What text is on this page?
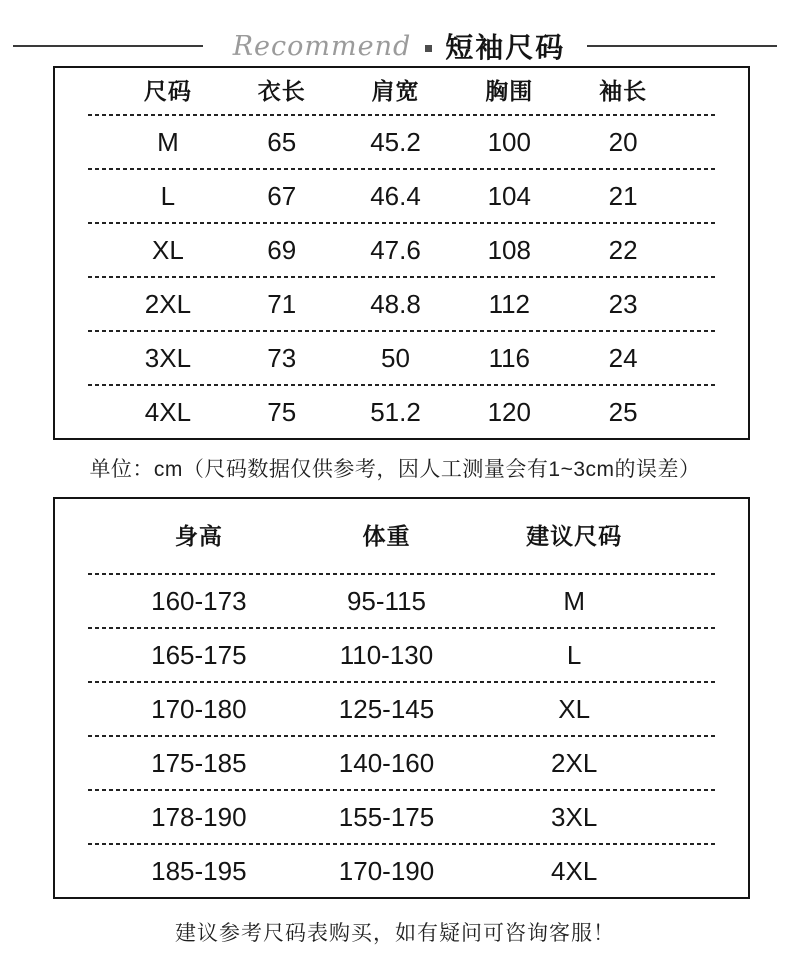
Recommend 短袖尺码
尺码	衣长	肩宽	胸围	袖长
M	65	45.2	100	20
L	67	46.4	104	21
XL	69	47.6	108	22
2XL	71	48.8	112	23
3XL	73	50	116	24
4XL	75	51.2	120	25

单位：cm（尺码数据仅供参考，因人工测量会有1~3cm的误差）

身高	体重	建议尺码
160-173	95-115	M
165-175	110-130	L
170-180	125-145	XL
175-185	140-160	2XL
178-190	155-175	3XL
185-195	170-190	4XL

建议参考尺码表购买，如有疑问可咨询客服！
